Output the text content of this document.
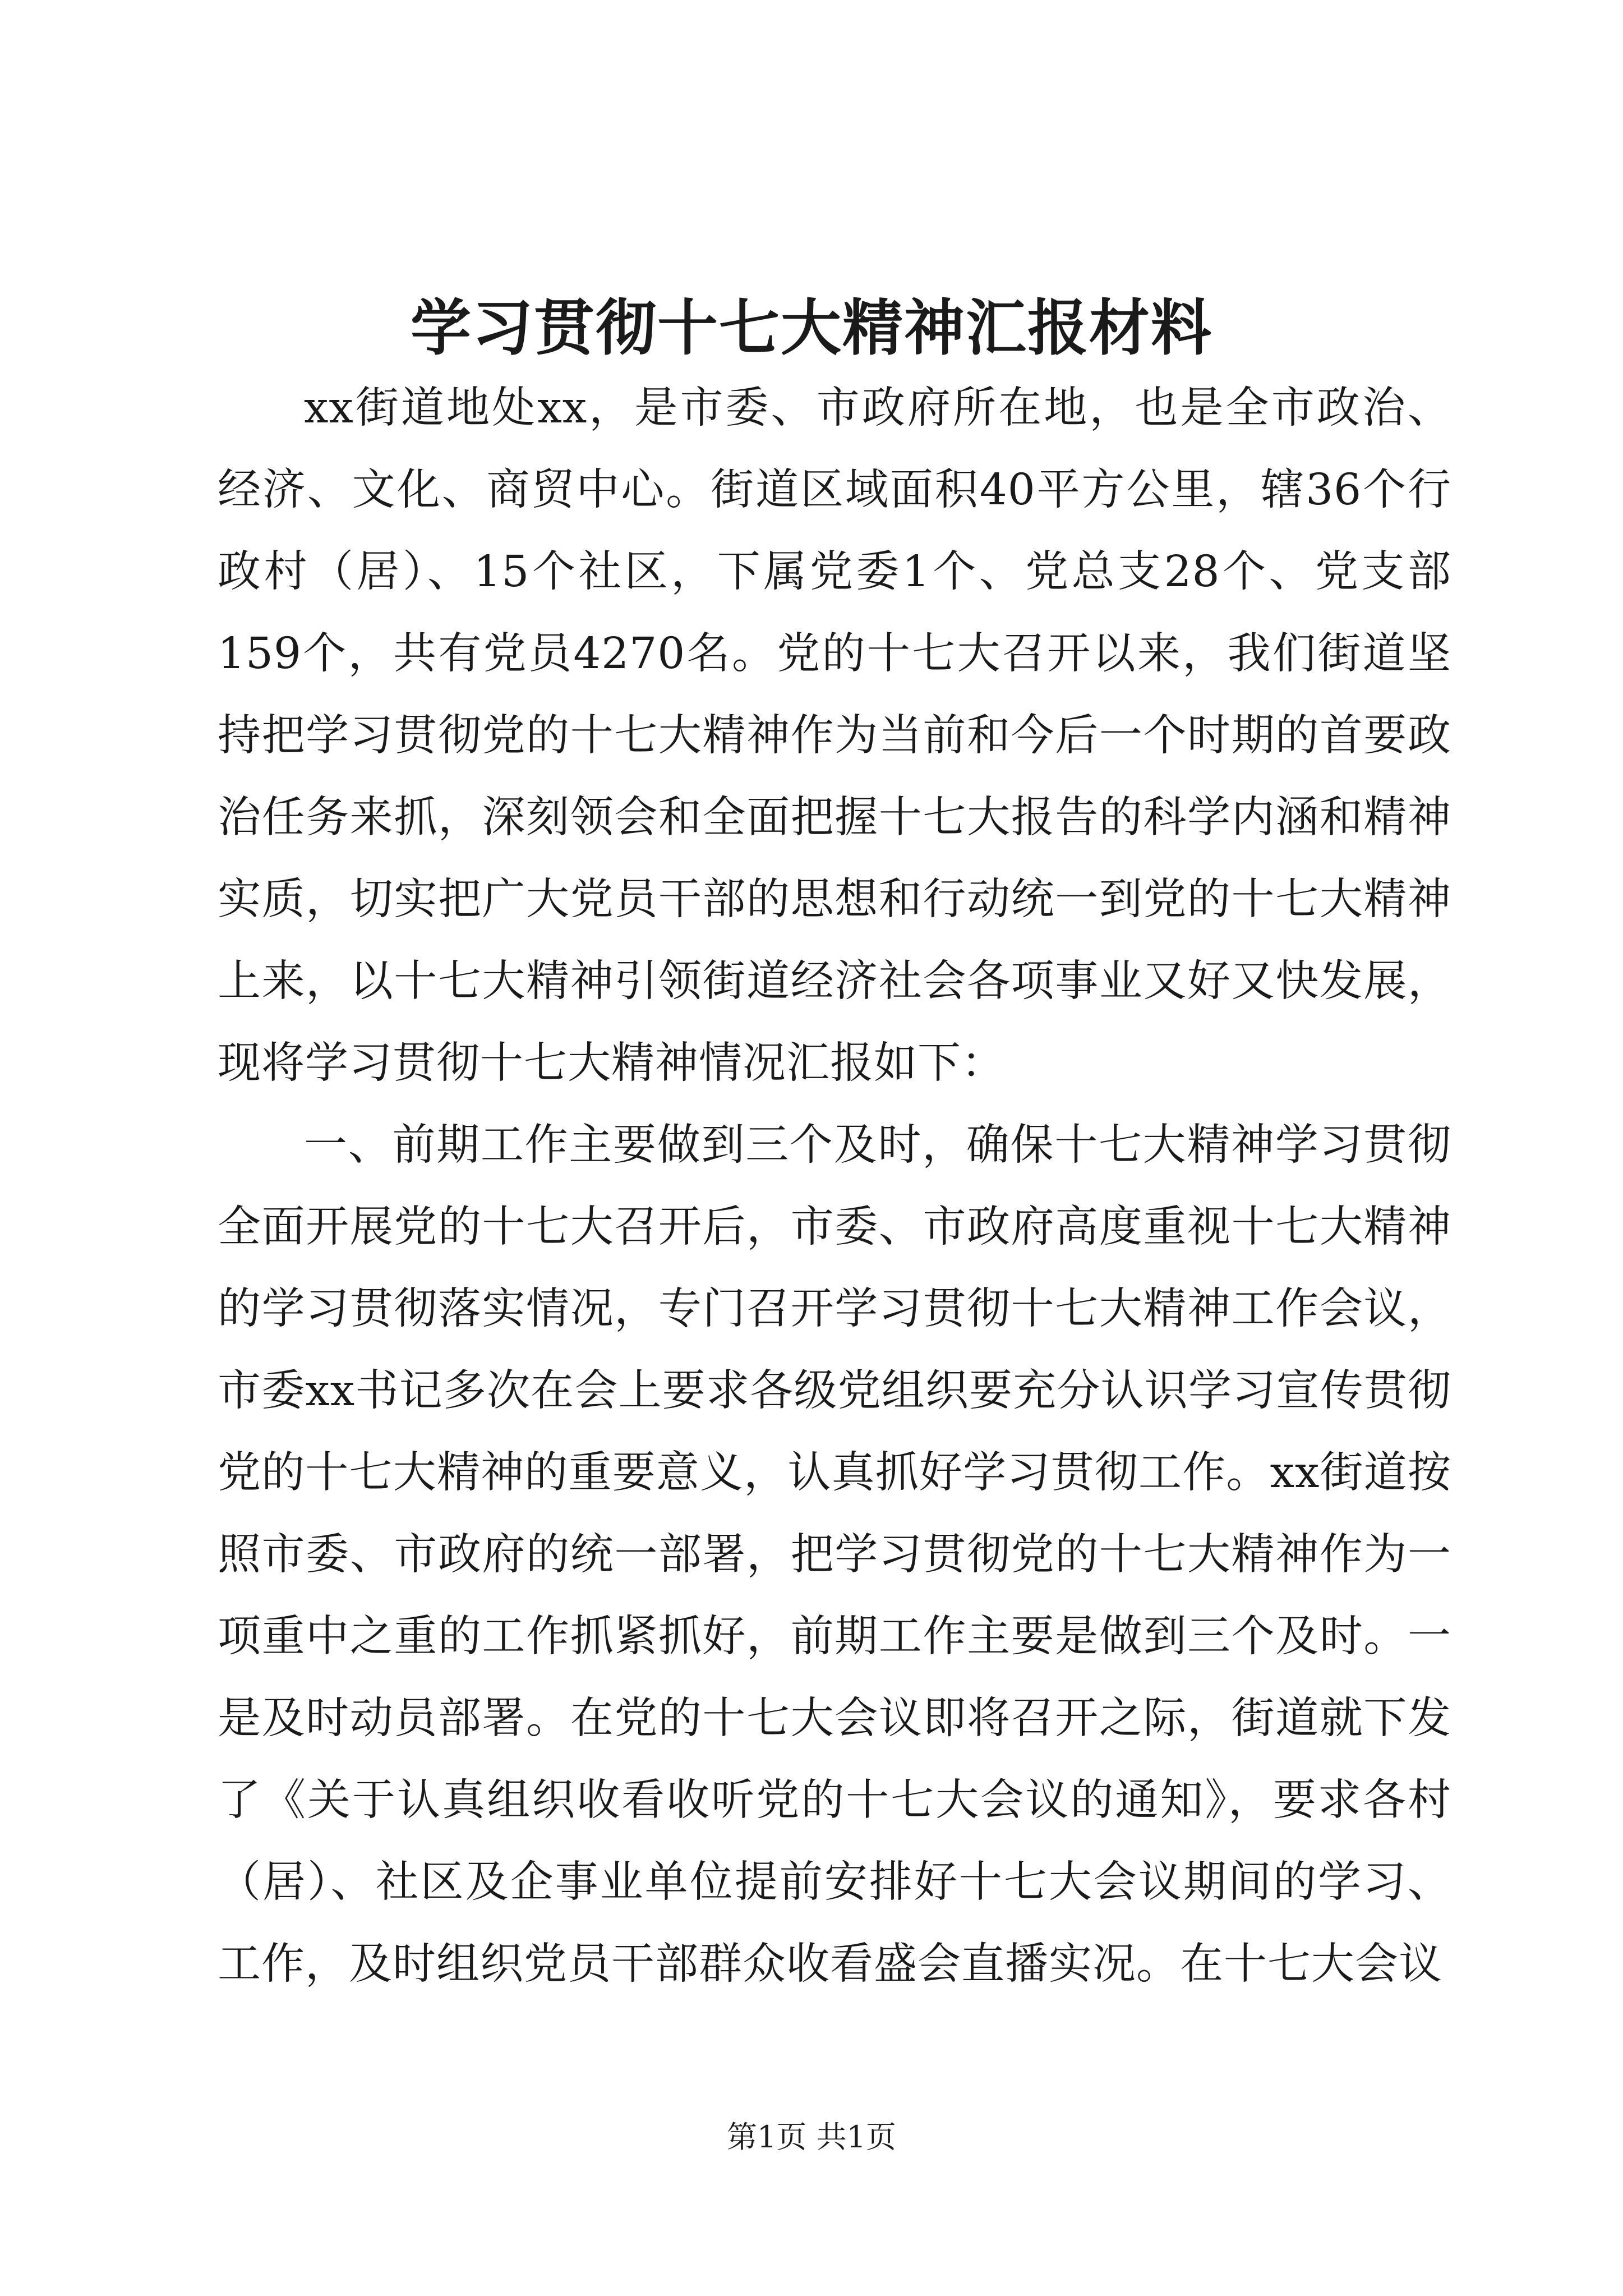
学习贯彻十七大精神汇报材料

xx街道地处xx，是市委、市政府所在地，也是全市政治、经济、文化、商贸中心。街道区域面积40平方公里，辖36个行政村（居）、15个社区，下属党委1个、党总支28个、党支部159个，共有党员4270名。党的十七大召开以来，我们街道坚持把学习贯彻党的十七大精神作为当前和今后一个时期的首要政治任务来抓，深刻领会和全面把握十七大报告的科学内涵和精神实质，切实把广大党员干部的思想和行动统一到党的十七大精神上来，以十七大精神引领街道经济社会各项事业又好又快发展，现将学习贯彻十七大精神情况汇报如下：

一、前期工作主要做到三个及时，确保十七大精神学习贯彻全面开展党的十七大召开后，市委、市政府高度重视十七大精神的学习贯彻落实情况，专门召开学习贯彻十七大精神工作会议，市委xx书记多次在会上要求各级党组织要充分认识学习宣传贯彻党的十七大精神的重要意义，认真抓好学习贯彻工作。xx街道按照市委、市政府的统一部署，把学习贯彻党的十七大精神作为一项重中之重的工作抓紧抓好，前期工作主要是做到三个及时。一是及时动员部署。在党的十七大会议即将召开之际，街道就下发了《关于认真组织收看收听党的十七大会议的通知》，要求各村（居）、社区及企事业单位提前安排好十七大会议期间的学习、工作，及时组织党员干部群众收看盛会直播实况。在十七大会议

第1页 共1页
